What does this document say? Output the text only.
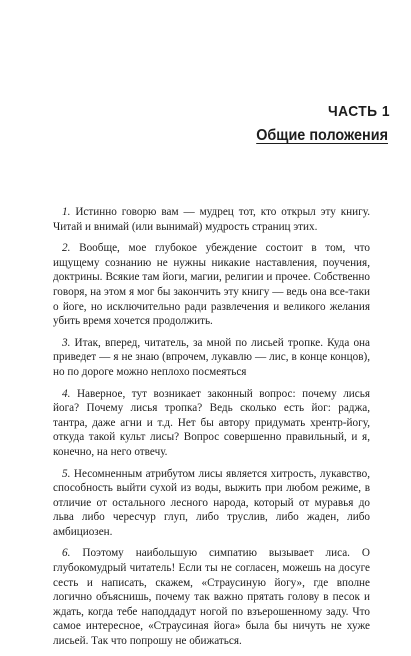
ЧАСТЬ 1
Общие положения

1. Истинно говорю вам — мудрец тот, кто открыл эту книгу. Читай и внимай (или вынимай) мудрость страниц этих.

2. Вообще, мое глубокое убеждение состоит в том, что ищущему сознанию не нужны никакие наставления, поучения, доктрины. Всякие там йоги, магии, религии и прочее. Собственно говоря, на этом я мог бы закончить эту книгу — ведь она все-таки о йоге, но исключительно ради развлечения и великого желания убить время хочется продолжить.

3. Итак, вперед, читатель, за мной по лисьей тропке. Куда она приведет — я не знаю (впрочем, лукавлю — лис, в конце концов), но по дороге можно неплохо посмеяться

4. Наверное, тут возникает законный вопрос: почему лисья йога? Почему лисья тропка? Ведь сколько есть йог: раджа, тантра, даже агни и т.д. Нет бы автору придумать хрентр-йогу, откуда такой культ лисы? Вопрос совершенно правильный, и я, конечно, на него отвечу.

5. Несомненным атрибутом лисы является хитрость, лукавство, способность выйти сухой из воды, выжить при любом режиме, в отличие от остального лесного народа, который от муравья до льва либо чересчур глуп, либо труслив, либо жаден, либо амбициозен.

6. Поэтому наибольшую симпатию вызывает лиса. О глубокомудрый читатель! Если ты не согласен, можешь на досуге сесть и написать, скажем, «Страусиную йогу», где вполне логично объяснишь, почему так важно прятать голову в песок и ждать, когда тебе наподдадут ногой по взъерошенному заду. Что самое интересное, «Страусиная йога» была бы ничуть не хуже лисьей. Так что попрошу не обижаться.
